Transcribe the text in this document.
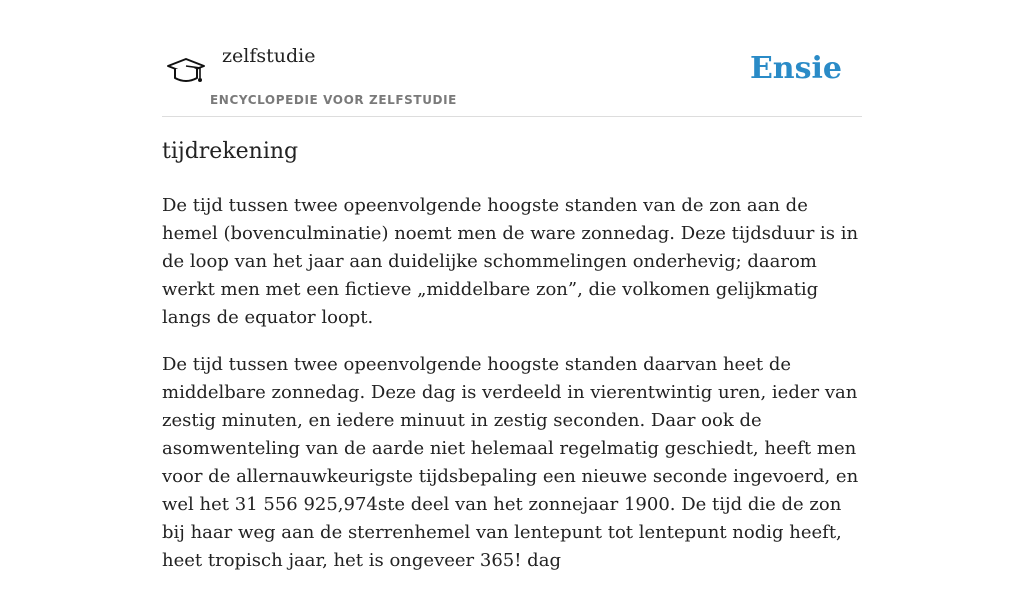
zelfstudie
ENCYCLOPEDIE VOOR ZELFSTUDIE
Ensie
tijdrekening

De tijd tussen twee opeenvolgende hoogste standen van de zon aan de hemel (bovenculminatie) noemt men de ware zonnedag. Deze tijdsduur is in de loop van het jaar aan duidelijke schommelingen onderhevig; daarom werkt men met een fictieve „middelbare zon”, die volkomen gelijkmatig langs de equator loopt.

De tijd tussen twee opeenvolgende hoogste standen daarvan heet de middelbare zonnedag. Deze dag is verdeeld in vierentwintig uren, ieder van zestig minuten, en iedere minuut in zestig seconden. Daar ook de asomwenteling van de aarde niet helemaal regelmatig geschiedt, heeft men voor de allernauwkeurigste tijdsbepaling een nieuwe seconde ingevoerd, en wel het 31 556 925,974ste deel van het zonnejaar 1900. De tijd die de zon bij haar weg aan de sterrenhemel van lentepunt tot lentepunt nodig heeft, heet tropisch jaar, het is ongeveer 365! dag
